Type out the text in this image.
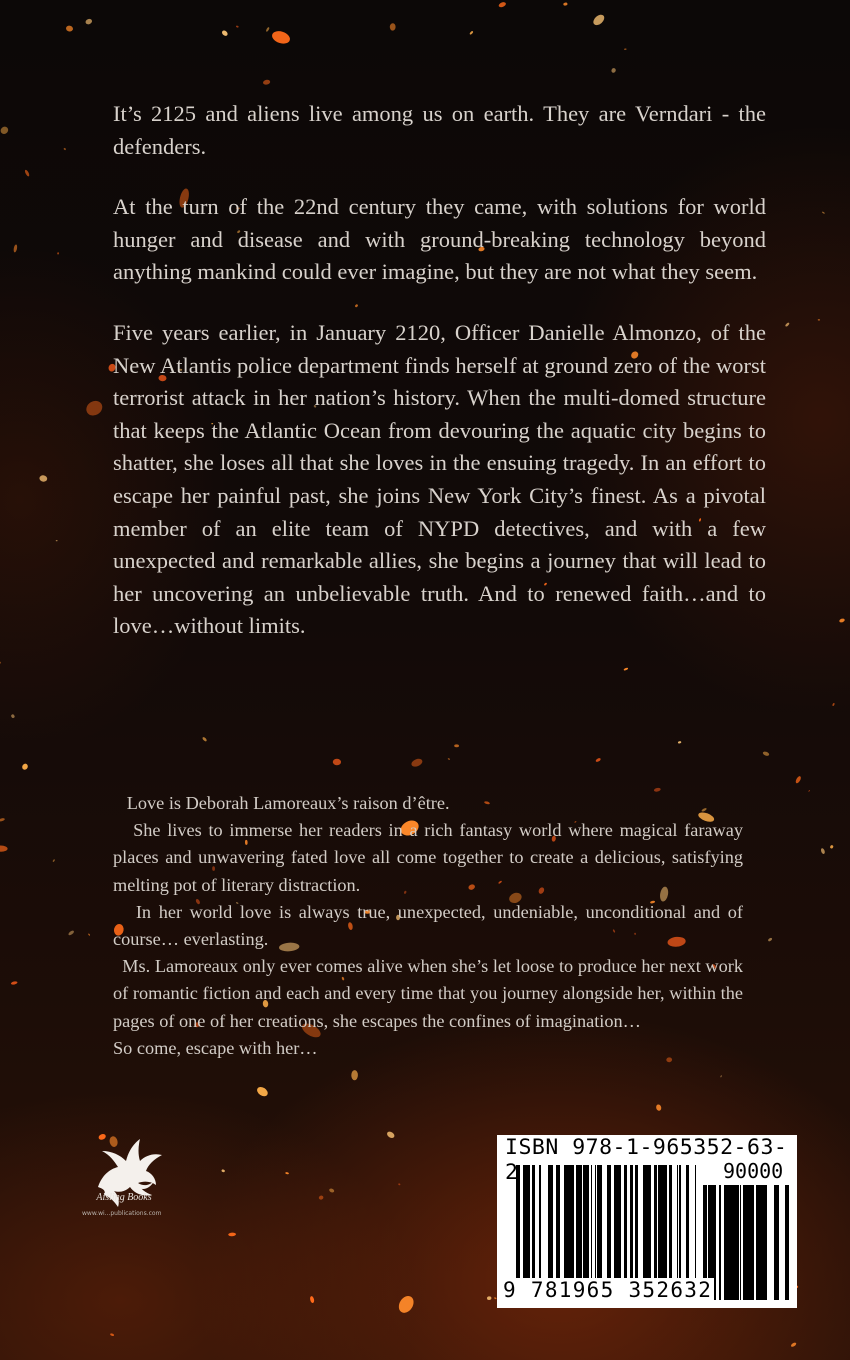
It’s 2125 and aliens live among us on earth. They are Verndari - the defenders.

At the turn of the 22nd century they came, with solutions for world hunger and disease and with ground-breaking technology beyond anything mankind could ever imagine, but they are not what they seem.

Five years earlier, in January 2120, Officer Danielle Almonzo, of the New Atlantis police department finds herself at ground zero of the worst terrorist attack in her nation’s history. When the multi-domed structure that keeps the Atlantic Ocean from devouring the aquatic city begins to shatter, she loses all that she loves in the ensuing tragedy. In an effort to escape her painful past, she joins New York City’s finest. As a pivotal member of an elite team of NYPD detectives, and with a few unexpected and remarkable allies, she begins a journey that will lead to her uncovering an unbelievable truth. And to renewed faith…and to love…without limits.

Love is Deborah Lamoreaux’s raison d’être.

She lives to immerse her readers in a rich fantasy world where magical faraway places and unwavering fated love all come together to create a delicious, satisfying melting pot of literary distraction.

In her world love is always true, unexpected, undeniable, unconditional and of course… everlasting.

Ms. Lamoreaux only ever comes alive when she’s let loose to produce her next work of romantic fiction and each and every time that you journey alongside her, within the pages of one of her creations, she escapes the confines of imagination…

So come, escape with her…

Aisling Books
www.wi...publications.com
ISBN 978-1-965352-63-2	90000
9 781965 352632
